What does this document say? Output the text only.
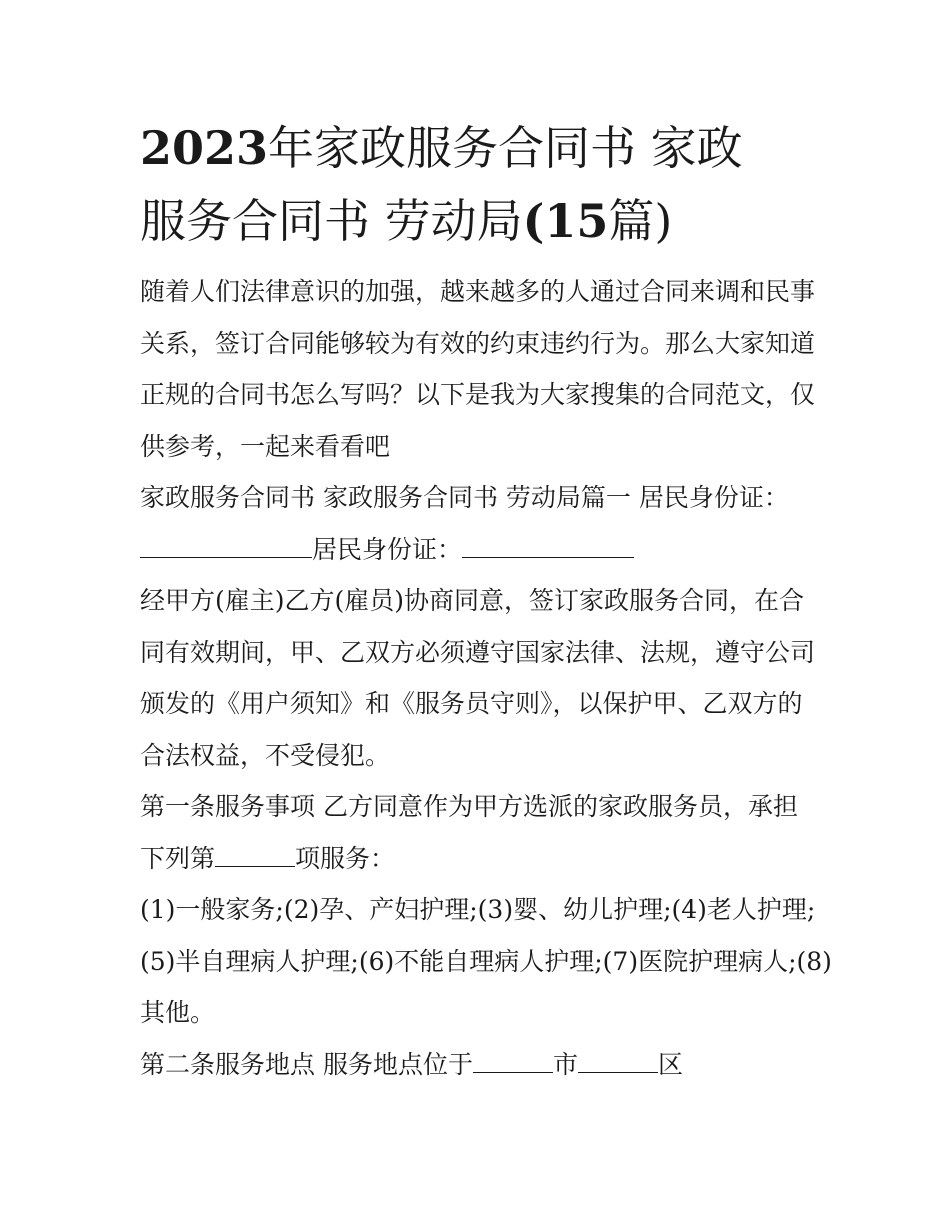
2023年家政服务合同书 家政
服务合同书 劳动局(15篇)

随着人们法律意识的加强，越来越多的人通过合同来调和民事
关系，签订合同能够较为有效的约束违约行为。那么大家知道
正规的合同书怎么写吗？以下是我为大家搜集的合同范文，仅
供参考，一起来看看吧

家政服务合同书 家政服务合同书 劳动局篇一 居民身份证：
居民身份证：

经甲方(雇主)乙方(雇员)协商同意，签订家政服务合同，在合
同有效期间，甲、乙双方必须遵守国家法律、法规，遵守公司
颁发的《用户须知》和《服务员守则》，以保护甲、乙双方的
合法权益，不受侵犯。

第一条服务事项 乙方同意作为甲方选派的家政服务员，承担
下列第	项服务：

(1)一般家务;(2)孕、产妇护理;(3)婴、幼儿护理;(4)老人护理;
(5)半自理病人护理;(6)不能自理病人护理;(7)医院护理病人;(8)
其他。

第二条服务地点 服务地点位于	市	区
